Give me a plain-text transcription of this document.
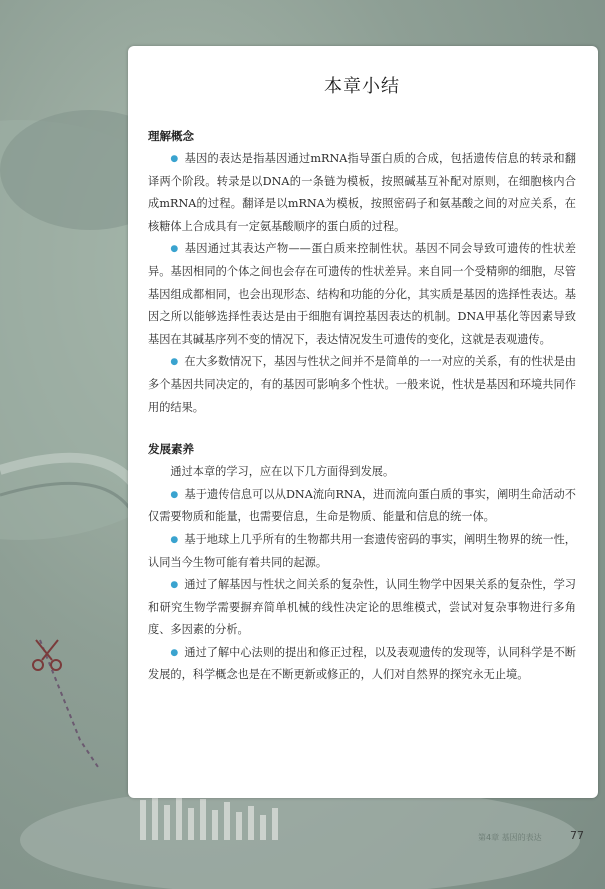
本章小结
理解概念

● 基因的表达是指基因通过mRNA指导蛋白质的合成，包括遗传信息的转录和翻译两个阶段。转录是以DNA的一条链为模板，按照碱基互补配对原则，在细胞核内合成mRNA的过程。翻译是以mRNA为模板，按照密码子和氨基酸之间的对应关系，在核糖体上合成具有一定氨基酸顺序的蛋白质的过程。

● 基因通过其表达产物——蛋白质来控制性状。基因不同会导致可遗传的性状差异。基因相同的个体之间也会存在可遗传的性状差异。来自同一个受精卵的细胞，尽管基因组成都相同，也会出现形态、结构和功能的分化，其实质是基因的选择性表达。基因之所以能够选择性表达是由于细胞有调控基因表达的机制。DNA甲基化等因素导致基因在其碱基序列不变的情况下，表达情况发生可遗传的变化，这就是表观遗传。

● 在大多数情况下，基因与性状之间并不是简单的一一对应的关系，有的性状是由多个基因共同决定的，有的基因可影响多个性状。一般来说，性状是基因和环境共同作用的结果。

发展素养

通过本章的学习，应在以下几方面得到发展。

● 基于遗传信息可以从DNA流向RNA，进而流向蛋白质的事实，阐明生命活动不仅需要物质和能量，也需要信息，生命是物质、能量和信息的统一体。

● 基于地球上几乎所有的生物都共用一套遗传密码的事实，阐明生物界的统一性，认同当今生物可能有着共同的起源。

● 通过了解基因与性状之间关系的复杂性，认同生物学中因果关系的复杂性，学习和研究生物学需要摒弃简单机械的线性决定论的思维模式，尝试对复杂事物进行多角度、多因素的分析。

● 通过了解中心法则的提出和修正过程，以及表观遗传的发现等，认同科学是不断发展的，科学概念也是在不断更新或修正的，人们对自然界的探究永无止境。

第4章 基因的表达	77
